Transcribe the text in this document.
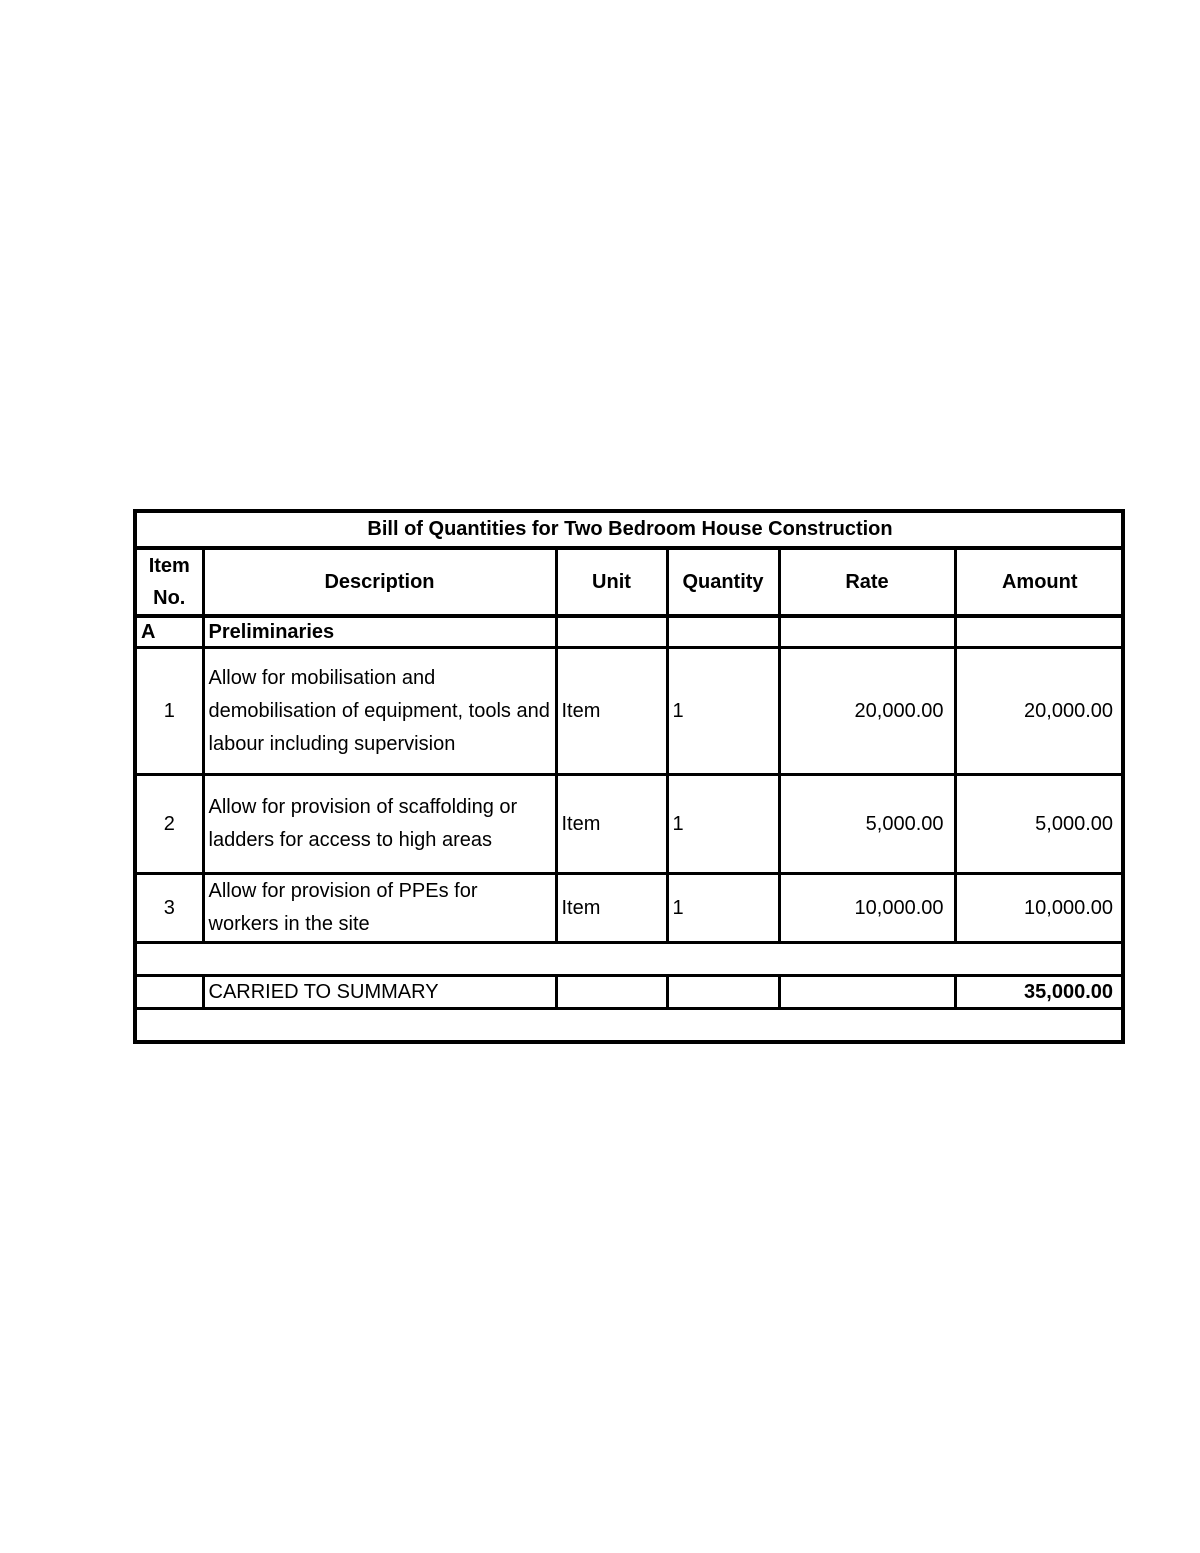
Bill of Quantities for Two Bedroom House Construction					
Item No.	Description	Unit	Quantity	Rate	Amount
A	Preliminaries				
1	Allow for mobilisation and demobilisation of equipment, tools and labour including supervision	Item	1	20,000.00	20,000.00
2	Allow for provision of scaffolding or ladders for access to high areas	Item	1	5,000.00	5,000.00
3	Allow for provision of PPEs for workers in the site	Item	1	10,000.00	10,000.00

	CARRIED TO SUMMARY				35,000.00
